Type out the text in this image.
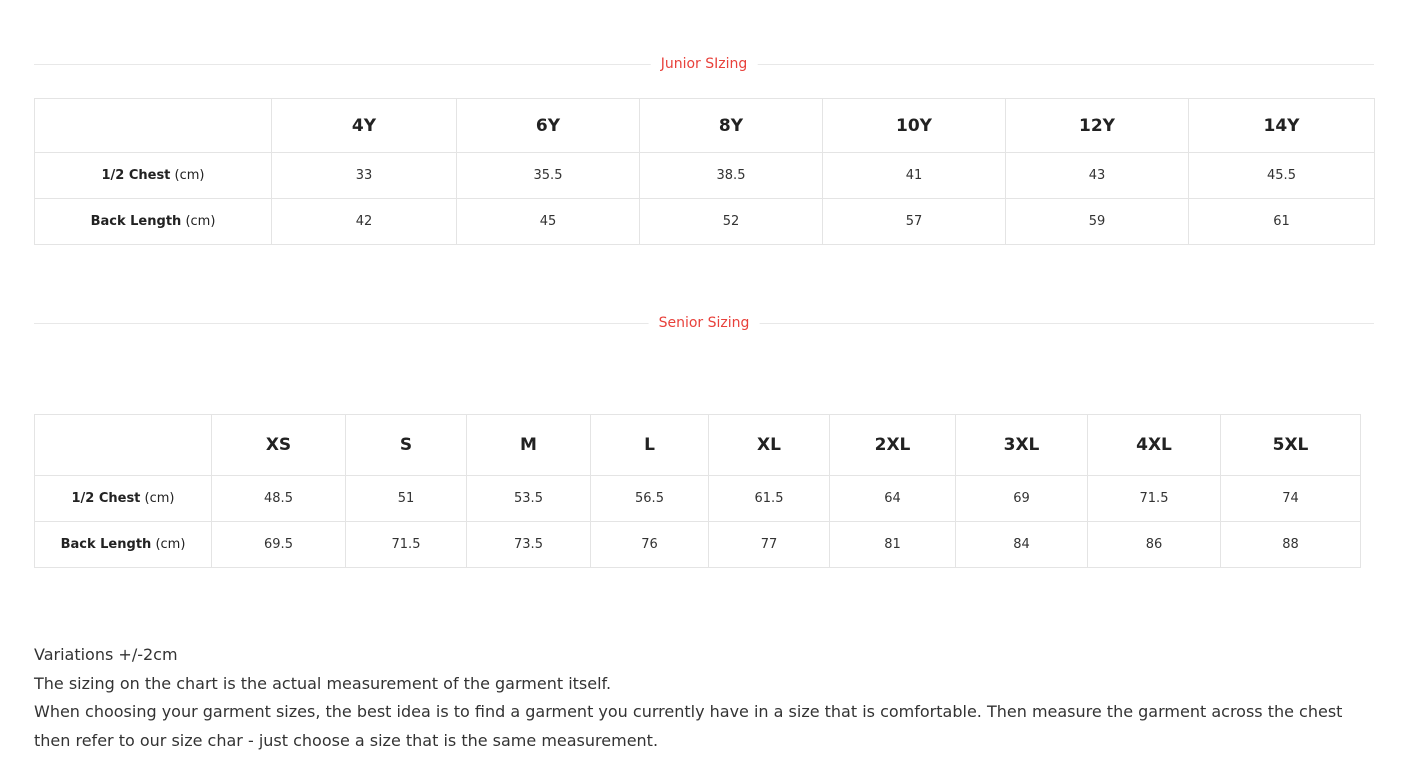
Junior SIzing
	4Y	6Y	8Y	10Y	12Y	14Y
1/2 Chest (cm)	33	35.5	38.5	41	43	45.5
Back Length (cm)	42	45	52	57	59	61
Senior Sizing
	XS	S	M	L	XL	2XL	3XL	4XL	5XL
1/2 Chest (cm)	48.5	51	53.5	56.5	61.5	64	69	71.5	74
Back Length (cm)	69.5	71.5	73.5	76	77	81	84	86	88

Variations +/-2cm

The sizing on the chart is the actual measurement of the garment itself.

When choosing your garment sizes, the best idea is to find a garment you currently have in a size that is comfortable. Then measure the garment across the chest then refer to our size char - just choose a size that is the same measurement.
